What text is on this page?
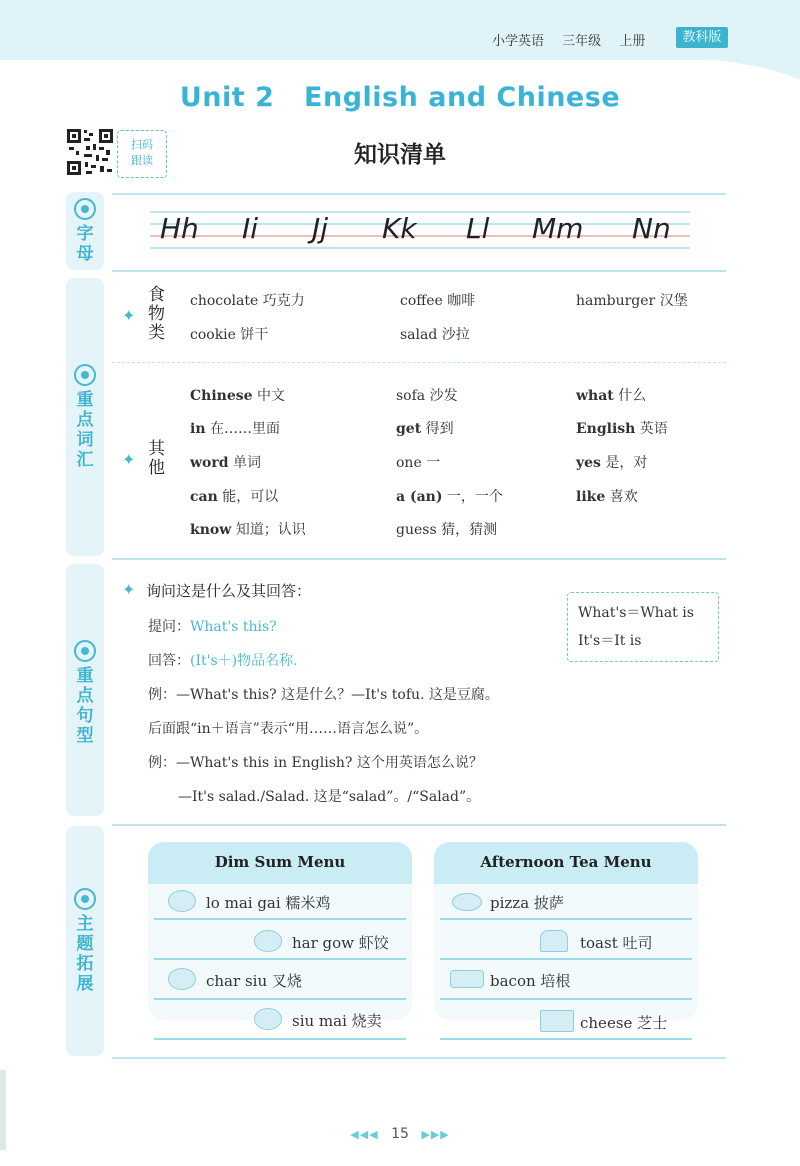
小学英语 三年级 上册	教科版
Unit 2   English and Chinese
知识清单
扫码
跟读
字母
重点词汇
重点句型
主题拓展
Hh Ii Jj Kk Ll Mm Nn
✦
食物类
chocolate 巧克力	coffee 咖啡	hamburger 汉堡
cookie 饼干	salad 沙拉
✦
其他
Chinese 中文	sofa 沙发	what 什么
in 在……里面	get 得到	English 英语
word 单词	one 一	yes 是，对
can 能，可以	a (an) 一，一个	like 喜欢
know 知道；认识	guess 猜，猜测
✦ 询问这是什么及其回答：
提问：What's this?
回答：(It's＋)物品名称.
例：—What's this? 这是什么？—It's tofu. 这是豆腐。
后面跟“in＋语言”表示“用……语言怎么说”。
例：—What's this in English? 这个用英语怎么说？
—It's salad./Salad. 这是“salad”。/“Salad”。
What's＝What is
It's＝It is
Dim Sum Menu
lo mai gai 糯米鸡
har gow 虾饺
char siu 叉烧
siu mai 烧卖
Afternoon Tea Menu
pizza 披萨
toast 吐司
bacon 培根
cheese 芝士
◀◀◀ 15 ▶▶▶
